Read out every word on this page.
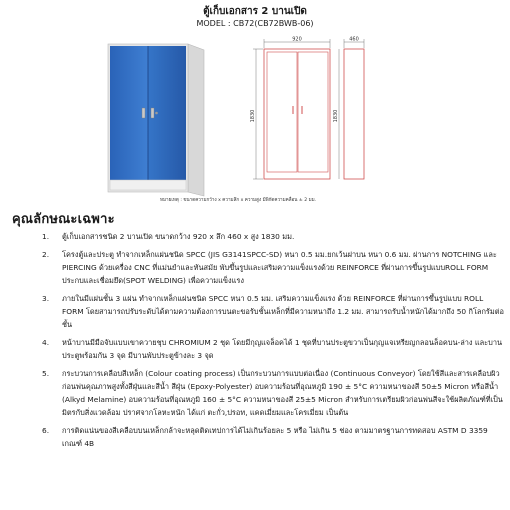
ตู้เก็บเอกสาร 2 บานเปิด
MODEL : CB72(CB72BWB-06)
920
1830
460
1830
หมายเหตุ : ขนาดความกว้าง x ความลึก x ความสูง มีพิกัดความคลื่อน ± 2 มม.
คุณลักษณะเฉพาะ
1. ตู้เก็บเอกสารชนิด 2 บานเปิด ขนาดกว้าง 920 x ลึก 460 x สูง 1830 มม.
2. โครงตู้และประตู ทำจากเหล็กแผ่นชนิด SPCC (JIS G3141SPCC-SD) หนา 0.5 มม.ยกเว้นฝาบน หนา 0.6 มม. ผ่านการ NOTCHING และ PIERCING ด้วยเครื่อง CNC ที่แม่นยำและทันสมัย พับขึ้นรูปและเสริมความแข็งแรงด้วย REINFORCE ที่ผ่านการขึ้นรูปแบบROLL FORM ประกบและเชื่อมยึด(SPOT WELDING) เพื่อความแข็งแรง
3. ภายในมีแผ่นชั้น 3 แผ่น ทำจากเหล็กแผ่นชนิด SPCC หนา 0.5 มม. เสริมความแข็งแรง ด้วย REINFORCE ที่ผ่านการขึ้นรูปแบบ ROLL FORM โดยสามารถปรับระดับได้ตามความต้องการบนตะขอรับชั้นเหล็กที่มีความหนาถึง 1.2 มม. สามารถรับน้ำหนักได้มากถึง 50 กิโลกรัมต่อชั้น
4. หน้าบานมีมือจับแบบเขาควายชุบ CHROMIUM 2 ชุด โดยมีกุญแจล็อคได้ 1 ชุดที่บานประตูขวาเป็นกุญแจเหรียญกลอนล็อคบน-ล่าง และบานประตูพร้อมกัน 3 จุด มีบานพับประตูข้างละ 3 จุด
5. กระบวนการเคลือบสีเหล็ก (Colour coating process) เป็นกระบวนการแบบต่อเนื่อง (Continuous Conveyor) โดยใช้สีและสารเคลือบผิวก่อนพ่นคุณภาพสูงทั้งสีฝุ่นและสีน้ำ สีฝุ่น (Epoxy-Polyester) อบความร้อนที่อุณหภูมิ 190 ± 5°C ความหนาของสี 50±5 Micron หรือสีน้ำ (Alkyd Melamine) อบความร้อนที่อุณหภูมิ 160 ± 5°C ความหนาของสี 25±5 Micron สำหรับการเตรียมผิวก่อนพ่นสีจะใช้ผลิตภัณฑ์ที่เป็นมิตรกับสิ่งแวดล้อม ปราศจากโลหะหนัก ได้แก่ ตะกั่ว,ปรอท, แคดเมี่ยมและโครเมี่ยม เป็นต้น
6. การติดแน่นของสีเคลือบบนเหล็กกล้าจะหลุดติดเทปการได้ไม่เกินร้อยละ 5 หรือ ไม่เกิน 5 ช่อง ตามมาตรฐานการทดสอบ ASTM D 3359 เกณฑ์ 4B
